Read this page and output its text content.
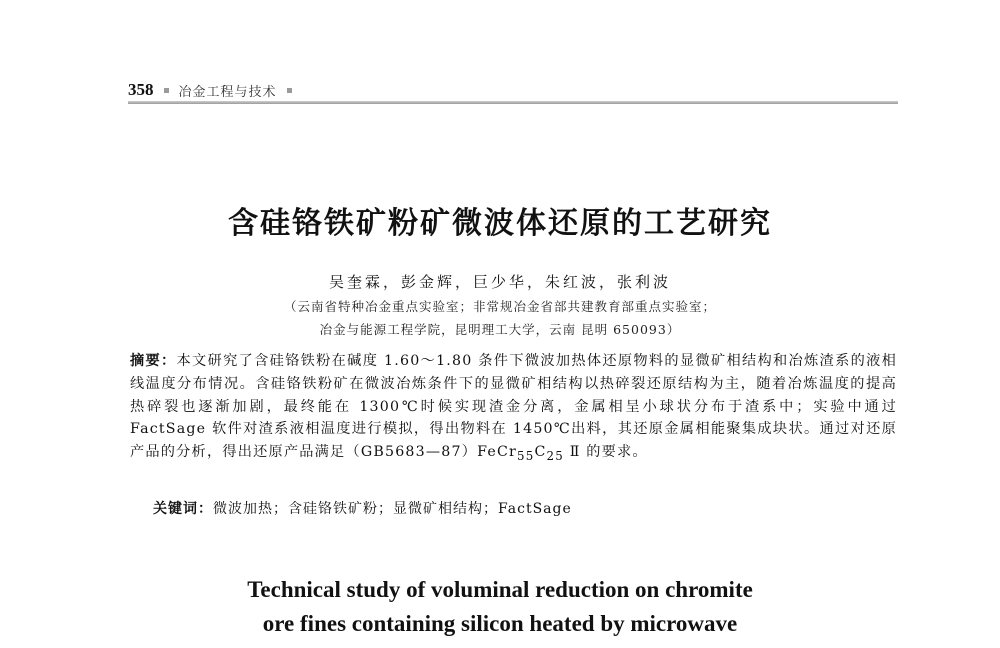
358 冶金工程与技术
含硅铬铁矿粉矿微波体还原的工艺研究
吴奎霖，彭金辉，巨少华，朱红波，张利波
（云南省特种冶金重点实验室；非常规冶金省部共建教育部重点实验室；
冶金与能源工程学院，昆明理工大学，云南 昆明 650093）
摘要：本文研究了含硅铬铁粉在碱度 1.60～1.80 条件下微波加热体还原物料的显微矿相结构和冶炼渣系的液相线温度分布情况。含硅铬铁粉矿在微波冶炼条件下的显微矿相结构以热碎裂还原结构为主，随着冶炼温度的提高热碎裂也逐渐加剧，最终能在 1300℃时候实现渣金分离，金属相呈小球状分布于渣系中；实验中通过 FactSage 软件对渣系液相温度进行模拟，得出物料在 1450℃出料，其还原金属相能聚集成块状。通过对还原产品的分析，得出还原产品满足$(GB5683—87)FeCr_{55}C_{25}$ Ⅱ 的要求。
关键词：微波加热；含硅铬铁矿粉；显微矿相结构；FactSage
Technical study of voluminal reduction on chromite
ore fines containing silicon heated by microwave
